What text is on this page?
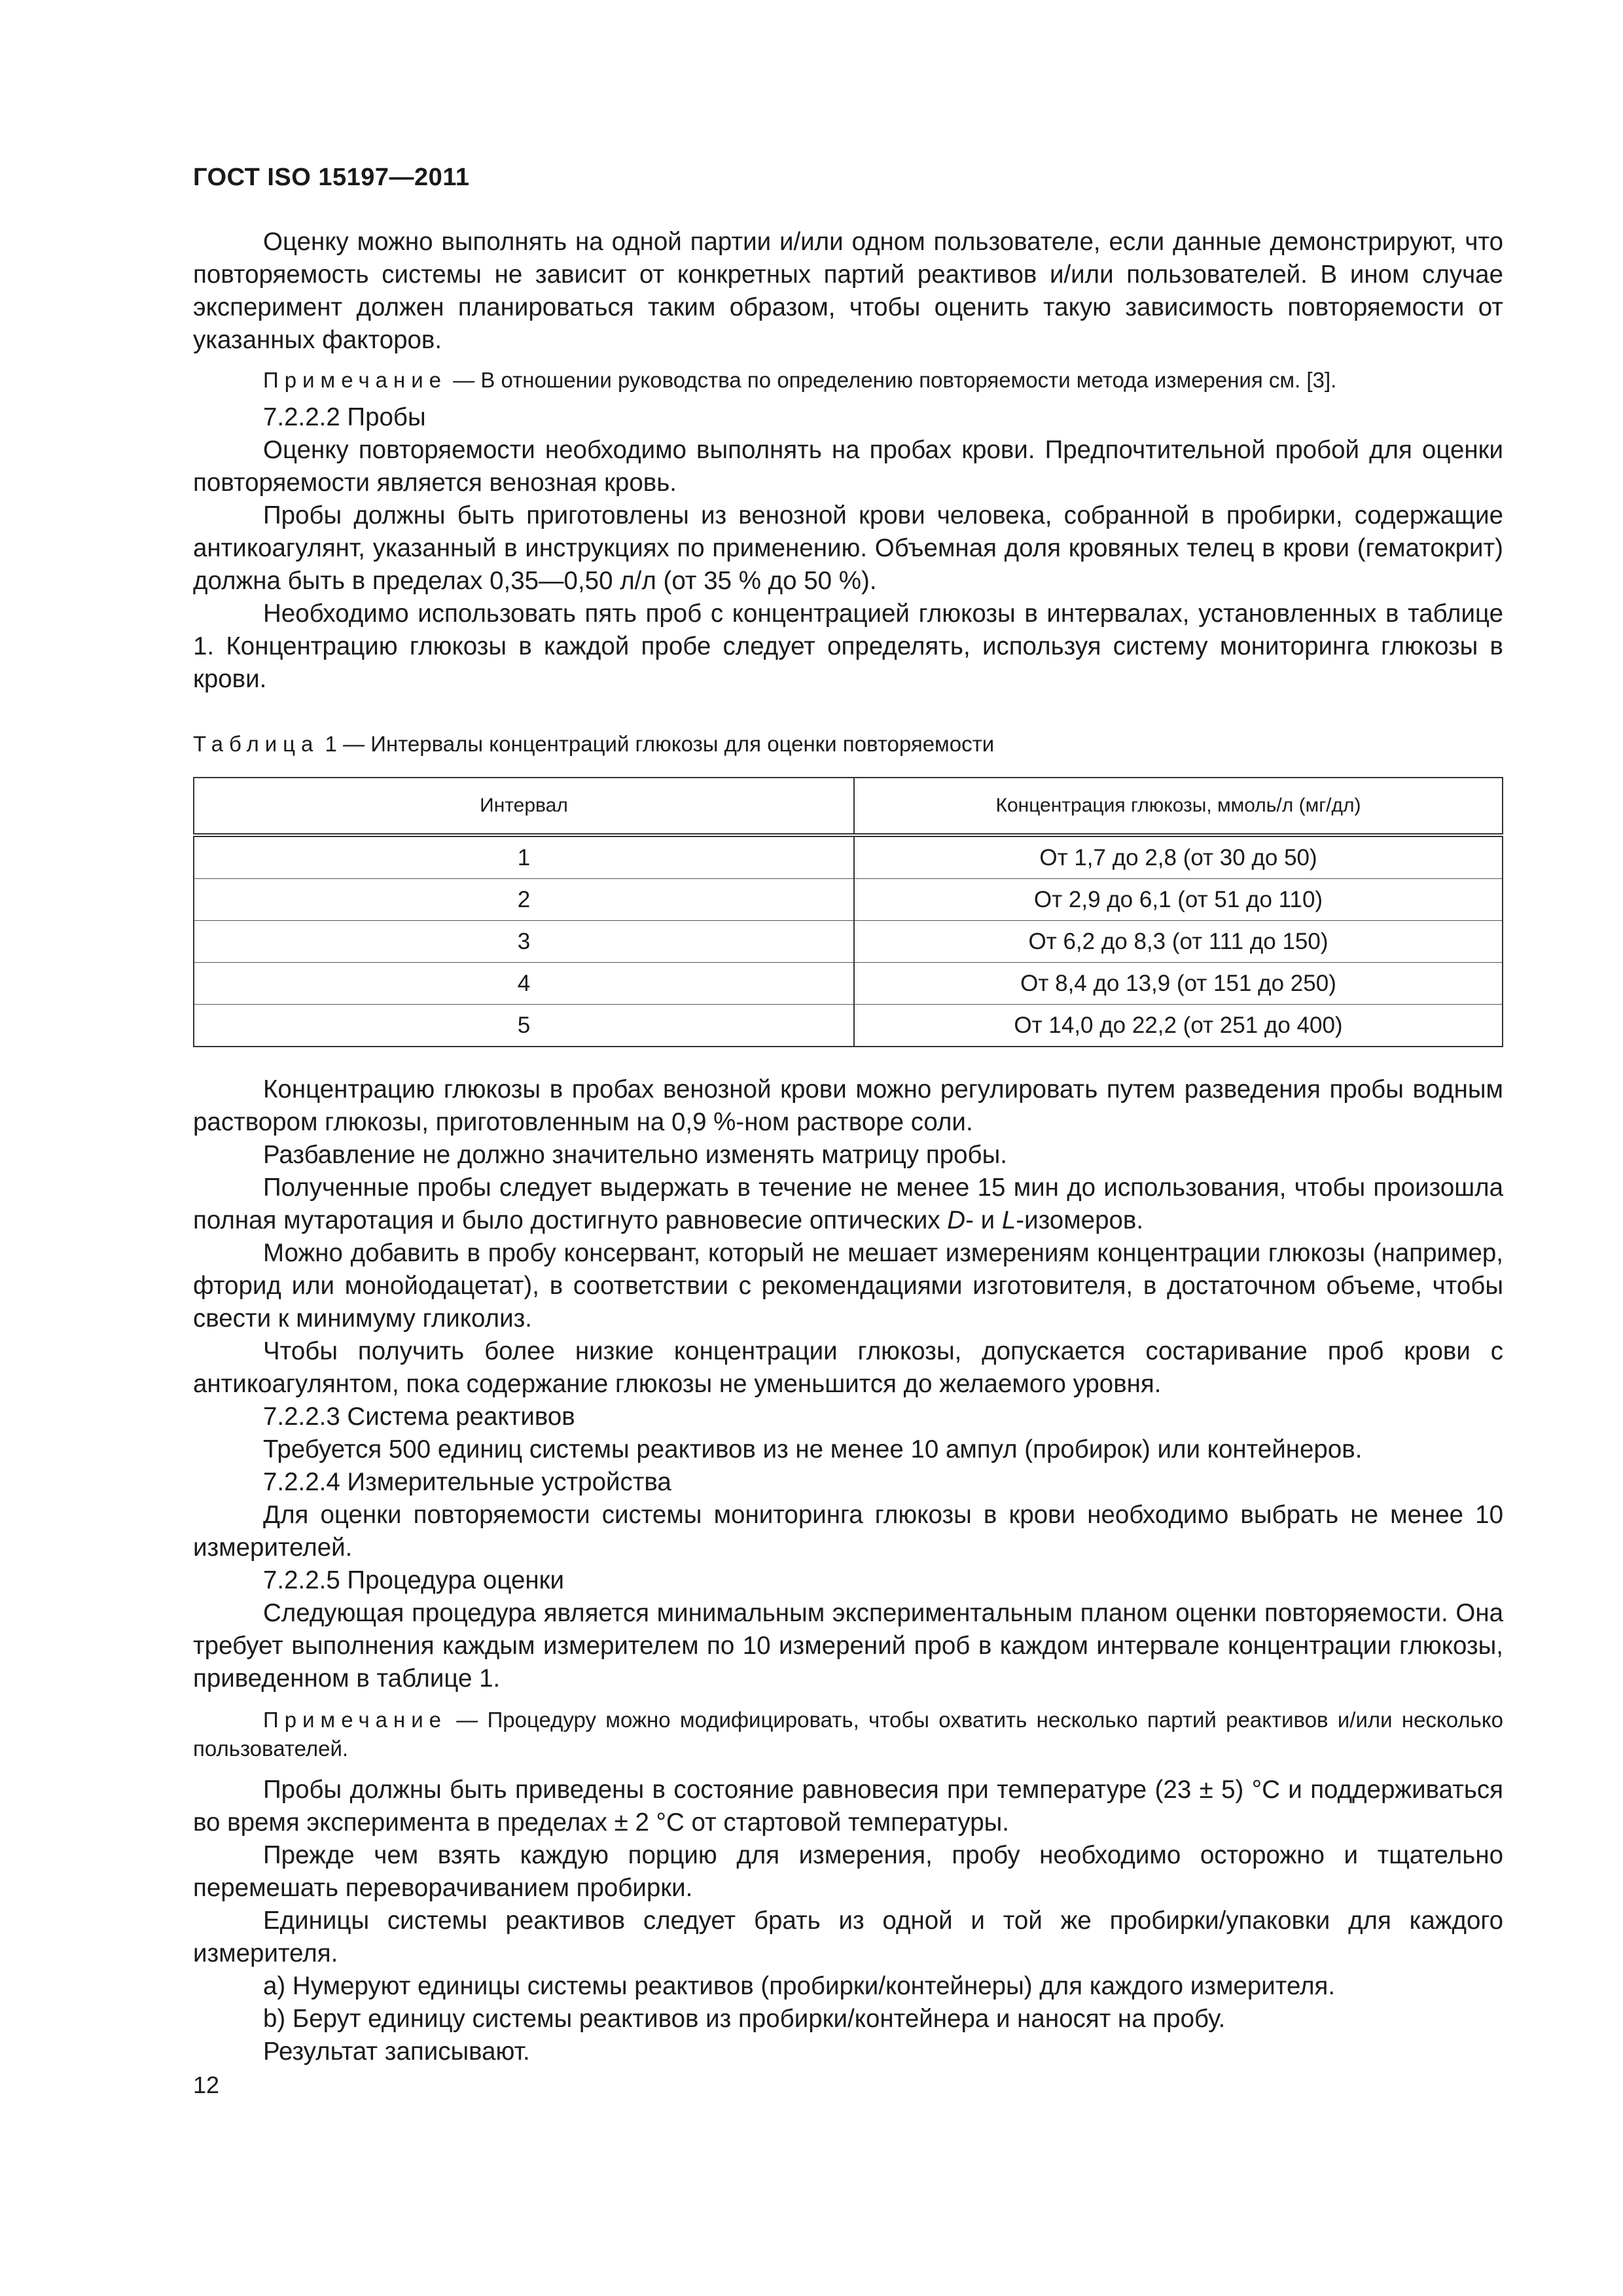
ГОСТ ISO 15197—2011

Оценку можно выполнять на одной партии и/или одном пользователе, если данные демонстрируют, что повторяемость системы не зависит от конкретных партий реактивов и/или пользователей. В ином случае эксперимент должен планироваться таким образом, чтобы оценить такую зависимость повторяемости от указанных факторов.

Примечание — В отношении руководства по определению повторяемости метода измерения см. [3].

7.2.2.2 Пробы

Оценку повторяемости необходимо выполнять на пробах крови. Предпочтительной пробой для оценки повторяемости является венозная кровь.

Пробы должны быть приготовлены из венозной крови человека, собранной в пробирки, содержащие антикоагулянт, указанный в инструкциях по применению. Объемная доля кровяных телец в крови (гематокрит) должна быть в пределах 0,35—0,50 л/л (от 35 % до 50 %).

Необходимо использовать пять проб с концентрацией глюкозы в интервалах, установленных в таблице 1. Концентрацию глюкозы в каждой пробе следует определять, используя систему мониторинга глюкозы в крови.

Таблица 1 — Интервалы концентраций глюкозы для оценки повторяемости
Интервал	Концентрация глюкозы, ммоль/л (мг/дл)
1	От 1,7 до 2,8 (от 30 до 50)
2	От 2,9 до 6,1 (от 51 до 110)
3	От 6,2 до 8,3 (от 111 до 150)
4	От 8,4 до 13,9 (от 151 до 250)
5	От 14,0 до 22,2 (от 251 до 400)

Концентрацию глюкозы в пробах венозной крови можно регулировать путем разведения пробы водным раствором глюкозы, приготовленным на 0,9 %-ном растворе соли.

Разбавление не должно значительно изменять матрицу пробы.

Полученные пробы следует выдержать в течение не менее 15 мин до использования, чтобы произошла полная мутаротация и было достигнуто равновесие оптических D- и L-изомеров.

Можно добавить в пробу консервант, который не мешает измерениям концентрации глюкозы (например, фторид или монойодацетат), в соответствии с рекомендациями изготовителя, в достаточном объеме, чтобы свести к минимуму гликолиз.

Чтобы получить более низкие концентрации глюкозы, допускается состаривание проб крови с антикоагулянтом, пока содержание глюкозы не уменьшится до желаемого уровня.

7.2.2.3 Система реактивов

Требуется 500 единиц системы реактивов из не менее 10 ампул (пробирок) или контейнеров.

7.2.2.4 Измерительные устройства

Для оценки повторяемости системы мониторинга глюкозы в крови необходимо выбрать не менее 10 измерителей.

7.2.2.5 Процедура оценки

Следующая процедура является минимальным экспериментальным планом оценки повторяемости. Она требует выполнения каждым измерителем по 10 измерений проб в каждом интервале концентрации глюкозы, приведенном в таблице 1.

Примечание — Процедуру можно модифицировать, чтобы охватить несколько партий реактивов и/или несколько пользователей.

Пробы должны быть приведены в состояние равновесия при температуре (23 ± 5) °С и поддерживаться во время эксперимента в пределах ± 2 °С от стартовой температуры.

Прежде чем взять каждую порцию для измерения, пробу необходимо осторожно и тщательно перемешать переворачиванием пробирки.

Единицы системы реактивов следует брать из одной и той же пробирки/упаковки для каждого измерителя.

a) Нумеруют единицы системы реактивов (пробирки/контейнеры) для каждого измерителя.

b) Берут единицу системы реактивов из пробирки/контейнера и наносят на пробу.

Результат записывают.

12
